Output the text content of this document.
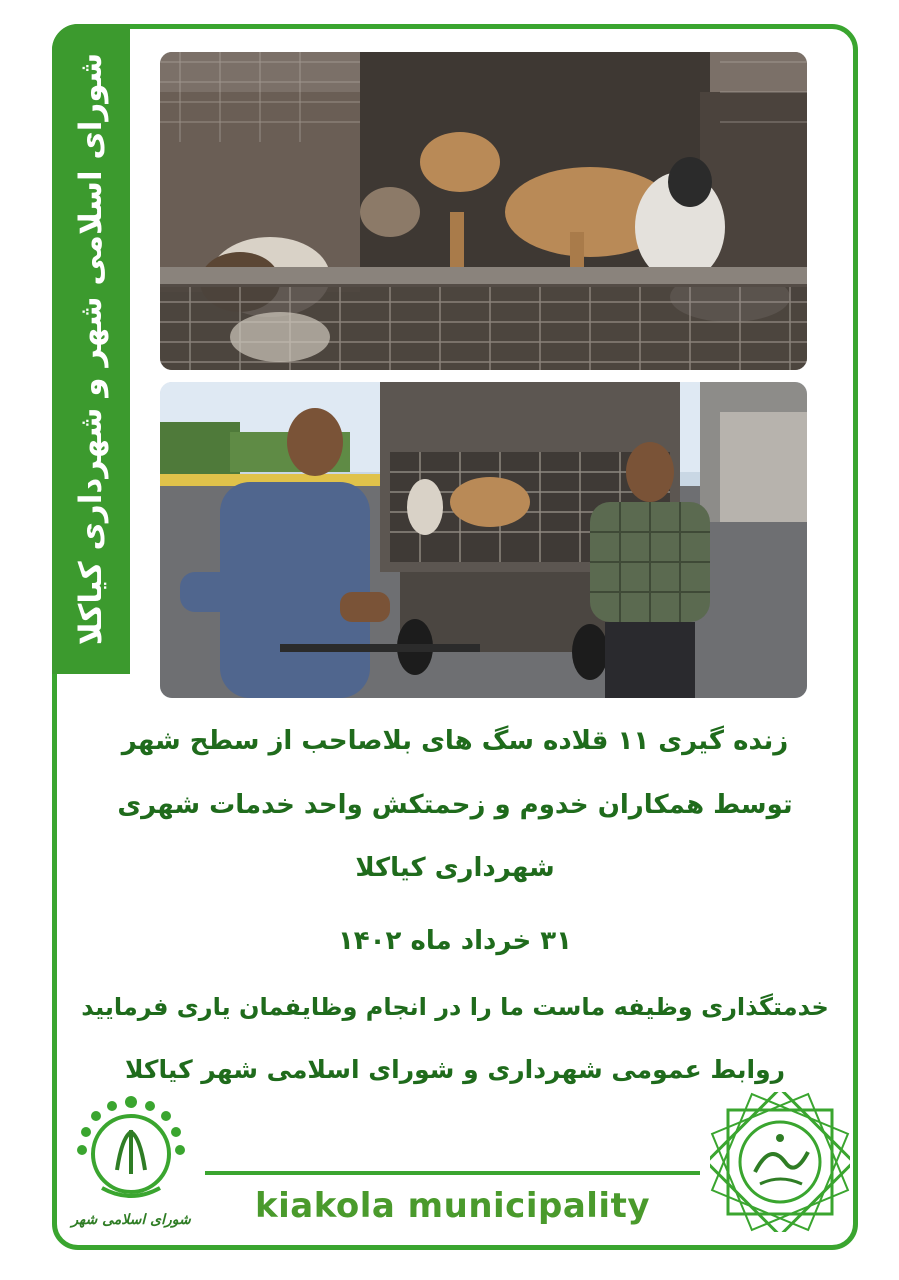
شورای اسلامی شهر و شهرداری کیاکلا
زنده گیری ۱۱ قلاده سگ های بلاصاحب از سطح شهر
توسط همکاران خدوم و زحمتکش واحد خدمات شهری
شهرداری کیاکلا
۳۱ خرداد ماه ۱۴۰۲
خدمتگذاری وظیفه ماست ما را در انجام وظایفمان یاری فرمایید
روابط عمومی شهرداری و شورای اسلامی شهر کیاکلا
شورای اسلامی شهر	kiakola municipality
